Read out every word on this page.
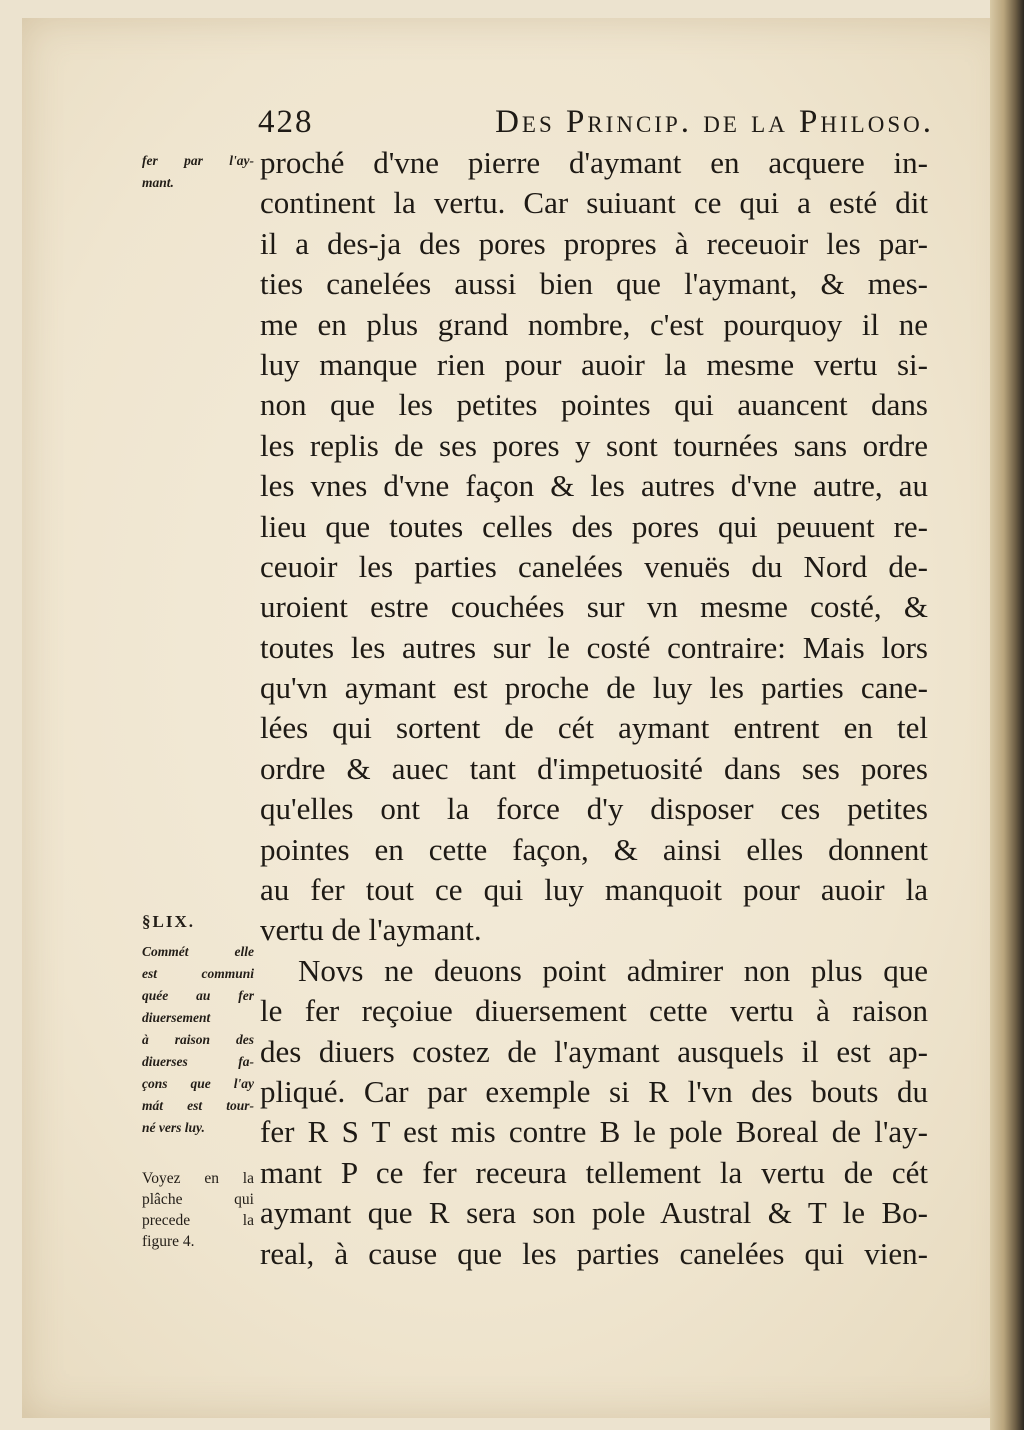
428	Des Princip. de la Philoso.
fer par l'ay-
mant.
§LIX.
Commét elle
est communi
quée au fer
diuersement
à raison des
diuerses fa-
çons que l'ay
mát est tour-
né vers luy.
Voyez en la
plâche qui
precede la
figure 4.
proché d'vne pierre d'aymant en acquere in-
continent la vertu. Car suiuant ce qui a esté dit
il a des-ja des pores propres à receuoir les par-
ties canelées aussi bien que l'aymant, & mes-
me en plus grand nombre, c'est pourquoy il ne
luy manque rien pour auoir la mesme vertu si-
non que les petites pointes qui auancent dans
les replis de ses pores y sont tournées sans ordre
les vnes d'vne façon & les autres d'vne autre, au
lieu que toutes celles des pores qui peuuent re-
ceuoir les parties canelées venuës du Nord de-
uroient estre couchées sur vn mesme costé, &
toutes les autres sur le costé contraire: Mais lors
qu'vn aymant est proche de luy les parties cane-
lées qui sortent de cét aymant entrent en tel
ordre & auec tant d'impetuosité dans ses pores
qu'elles ont la force d'y disposer ces petites
pointes en cette façon, & ainsi elles donnent
au fer tout ce qui luy manquoit pour auoir la
vertu de l'aymant.
Novs ne deuons point admirer non plus que
le fer reçoiue diuersement cette vertu à raison
des diuers costez de l'aymant ausquels il est ap-
pliqué. Car par exemple si R l'vn des bouts du
fer R S T est mis contre B le pole Boreal de l'ay-
mant P ce fer receura tellement la vertu de cét
aymant que R sera son pole Austral & T le Bo-
real, à cause que les parties canelées qui vien-
